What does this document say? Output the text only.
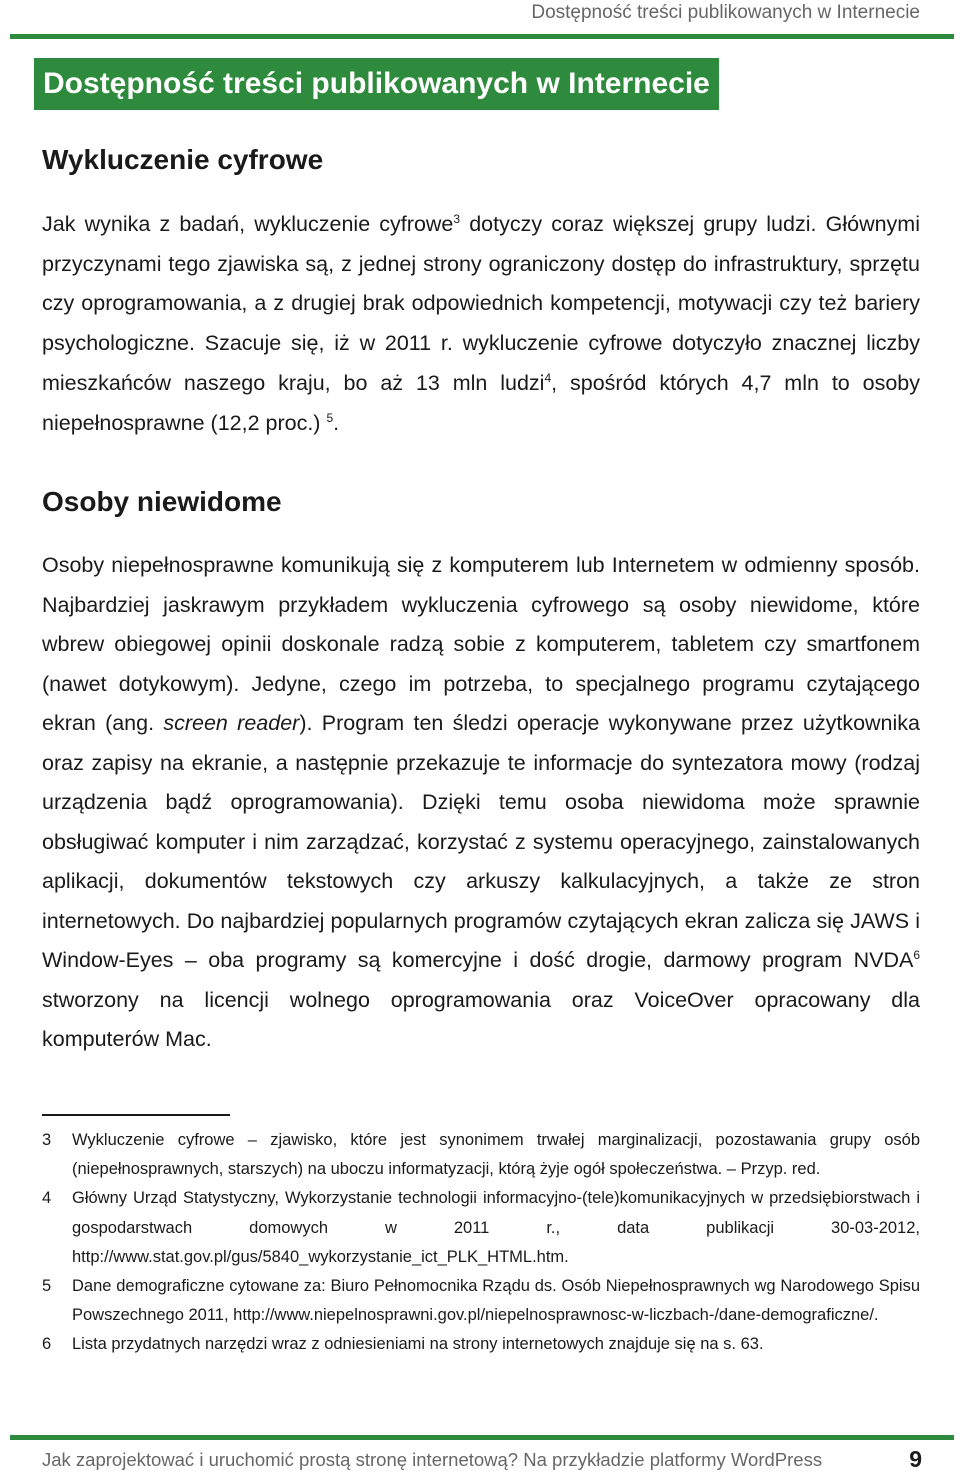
Dostępność treści publikowanych w Internecie
Dostępność treści publikowanych w Internecie
Wykluczenie cyfrowe

Jak wynika z badań, wykluczenie cyfrowe$^3$ dotyczy coraz większej grupy ludzi. Głównymi przyczynami tego zjawiska są, z jednej strony ograniczony dostęp do infrastruktury, sprzętu czy oprogramowania, a z drugiej brak odpowiednich kompetencji, motywacji czy też bariery psychologiczne. Szacuje się, iż w 2011 r. wykluczenie cyfrowe dotyczyło znacznej liczby mieszkańców naszego kraju, bo aż 13 mln ludzi$^4$, spośród których 4,7 mln to osoby niepełnosprawne (12,2 proc.) $^5$.

Osoby niewidome

Osoby niepełnosprawne komunikują się z komputerem lub Internetem w odmienny sposób. Najbardziej jaskrawym przykładem wykluczenia cyfrowego są osoby niewidome, które wbrew obiegowej opinii doskonale radzą sobie z komputerem, tabletem czy smartfonem (nawet dotykowym). Jedyne, czego im potrzeba, to specjalnego programu czytającego ekran (ang. screen reader). Program ten śledzi operacje wykonywane przez użytkownika oraz zapisy na ekranie, a następnie przekazuje te informacje do syntezatora mowy (rodzaj urządzenia bądź oprogramowania). Dzięki temu osoba niewidoma może sprawnie obsługiwać komputer i nim zarządzać, korzystać z systemu operacyjnego, zainstalowanych aplikacji, dokumentów tekstowych czy arkuszy kalkulacyjnych, a także ze stron internetowych. Do najbardziej popularnych programów czytających ekran zalicza się JAWS i Window-Eyes – oba programy są komercyjne i dość drogie, darmowy program NVDA$^6$ stworzony na licencji wolnego oprogramowania oraz VoiceOver opracowany dla komputerów Mac.

3	Wykluczenie cyfrowe – zjawisko, które jest synonimem trwałej marginalizacji, pozostawania grupy osób (niepełnosprawnych, starszych) na uboczu informatyzacji, którą żyje ogół społeczeństwa. – Przyp. red.
4	Główny Urząd Statystyczny, Wykorzystanie technologii informacyjno-(tele)komunikacyjnych w przedsiębiorstwach i gospodarstwach domowych w 2011 r., data publikacji 30-03-2012, http://www.stat.gov.pl/gus/5840_wykorzystanie_ict_PLK_HTML.htm.
5	Dane demograficzne cytowane za: Biuro Pełnomocnika Rządu ds. Osób Niepełnosprawnych wg Narodowego Spisu Powszechnego 2011, http://www.niepelnosprawni.gov.pl/niepelnosprawnosc-w-liczbach-/dane-demograficzne/.
6	Lista przydatnych narzędzi wraz z odniesieniami na strony internetowych znajduje się na s. 63.
Jak zaprojektować i uruchomić prostą stronę internetową? Na przykładzie platformy WordPress	9
